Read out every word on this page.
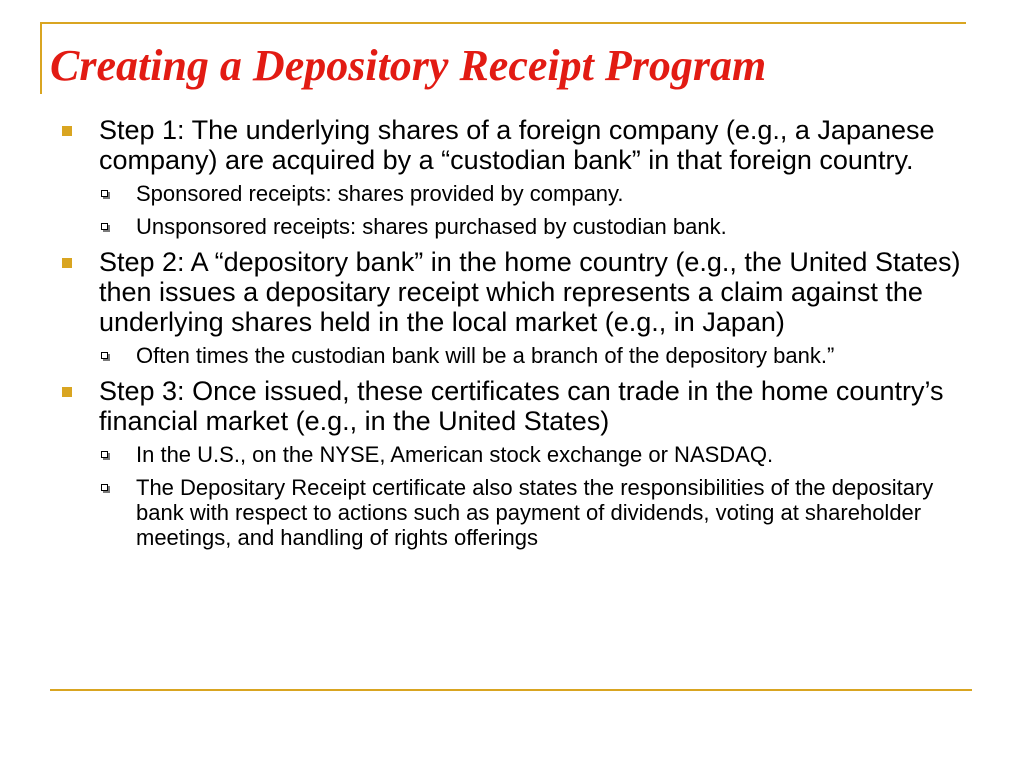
Creating a Depository Receipt Program
Step 1: The underlying shares of a foreign company (e.g., a Japanese company) are acquired by a “custodian bank” in that foreign country.
Sponsored receipts: shares provided by company.
Unsponsored receipts: shares purchased by custodian bank.
Step 2: A “depository bank” in the home country (e.g., the United States) then issues a depositary receipt which represents a claim against the underlying shares held in the local market (e.g., in Japan)
Often times the custodian bank will be a branch of the depository bank.”
Step 3: Once issued, these certificates can trade in the home country’s financial market (e.g., in the United States)
In the U.S., on the NYSE, American stock exchange or NASDAQ.
The Depositary Receipt certificate also states the responsibilities of the depositary bank with respect to actions such as payment of dividends, voting at shareholder meetings, and handling of rights offerings
